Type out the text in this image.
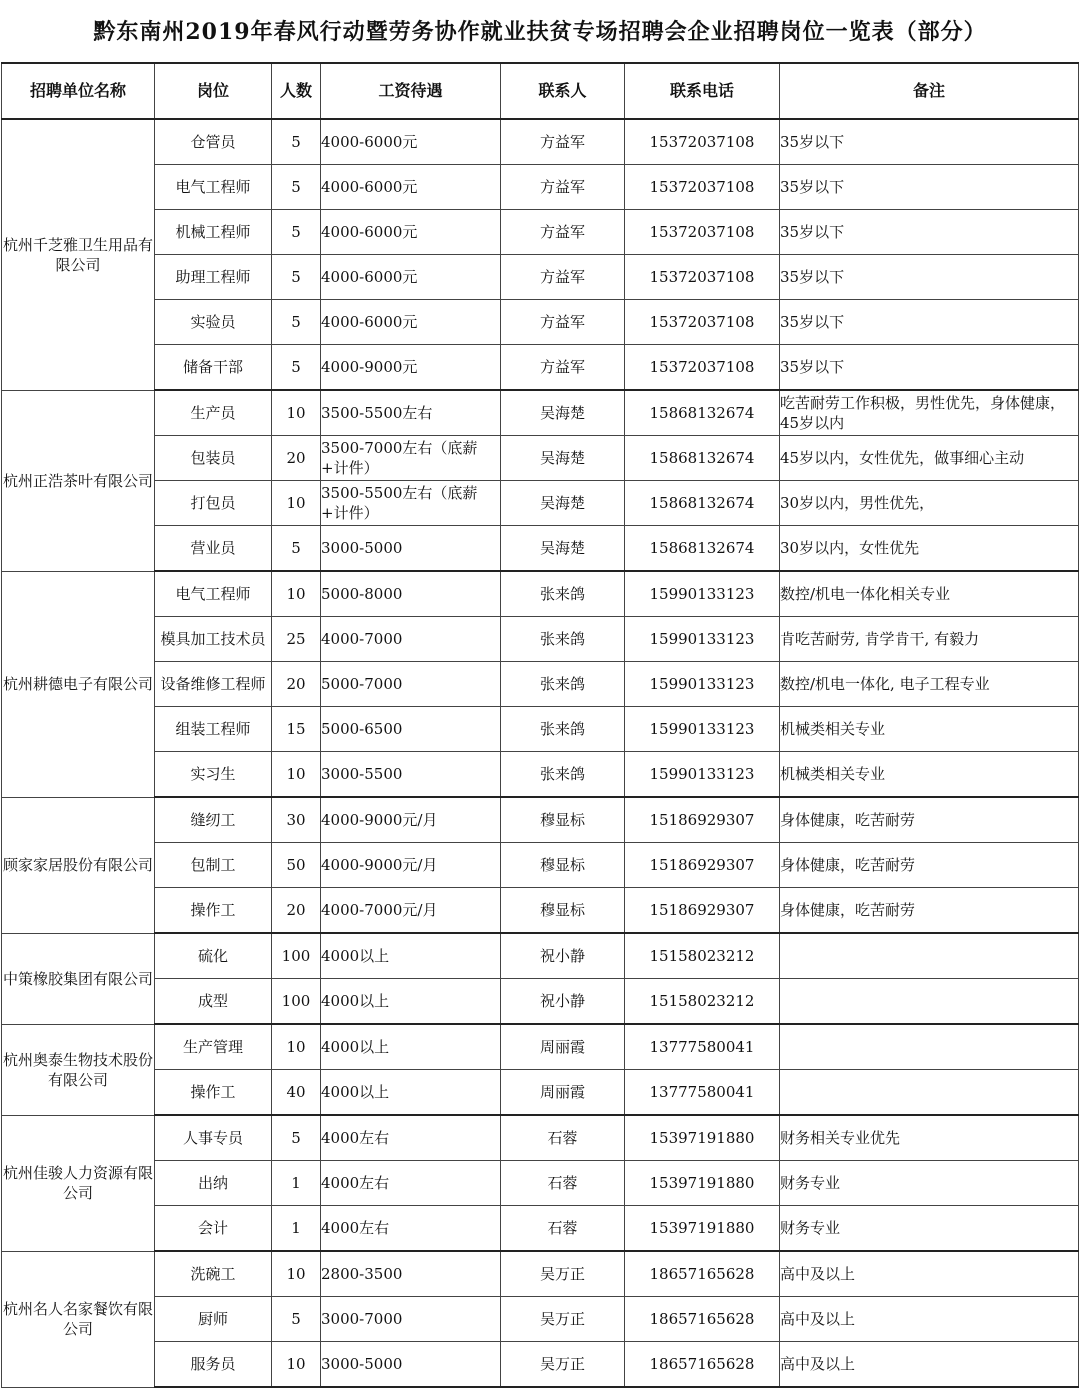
黔东南州2019年春风行动暨劳务协作就业扶贫专场招聘会企业招聘岗位一览表（部分）
招聘单位名称	岗位	人数	工资待遇	联系人	联系电话	备注
杭州千芝雅卫生用品有限公司	仓管员	5	4000-6000元	方益军	15372037108	35岁以下
	电气工程师	5	4000-6000元	方益军	15372037108	35岁以下
	机械工程师	5	4000-6000元	方益军	15372037108	35岁以下
	助理工程师	5	4000-6000元	方益军	15372037108	35岁以下
	实验员	5	4000-6000元	方益军	15372037108	35岁以下
	储备干部	5	4000-9000元	方益军	15372037108	35岁以下
杭州正浩茶叶有限公司	生产员	10	3500-5500左右	吴海楚	15868132674	吃苦耐劳工作积极，男性优先，身体健康，45岁以内
	包装员	20	3500-7000左右（底薪+计件）	吴海楚	15868132674	45岁以内，女性优先，做事细心主动
	打包员	10	3500-5500左右（底薪+计件）	吴海楚	15868132674	30岁以内，男性优先，
	营业员	5	3000-5000	吴海楚	15868132674	30岁以内，女性优先
杭州耕德电子有限公司	电气工程师	10	5000-8000	张来鸽	15990133123	数控/机电一体化相关专业
	模具加工技术员	25	4000-7000	张来鸽	15990133123	肯吃苦耐劳, 肯学肯干, 有毅力
	设备维修工程师	20	5000-7000	张来鸽	15990133123	数控/机电一体化, 电子工程专业
	组装工程师	15	5000-6500	张来鸽	15990133123	机械类相关专业
	实习生	10	3000-5500	张来鸽	15990133123	机械类相关专业
顾家家居股份有限公司	缝纫工	30	4000-9000元/月	穆显标	15186929307	身体健康，吃苦耐劳
	包制工	50	4000-9000元/月	穆显标	15186929307	身体健康，吃苦耐劳
	操作工	20	4000-7000元/月	穆显标	15186929307	身体健康，吃苦耐劳
中策橡胶集团有限公司	硫化	100	4000以上	祝小静	15158023212	
	成型	100	4000以上	祝小静	15158023212	
杭州奥泰生物技术股份有限公司	生产管理	10	4000以上	周丽霞	13777580041	
	操作工	40	4000以上	周丽霞	13777580041	
杭州佳骏人力资源有限公司	人事专员	5	4000左右	石蓉	15397191880	财务相关专业优先
	出纳	1	4000左右	石蓉	15397191880	财务专业
	会计	1	4000左右	石蓉	15397191880	财务专业
杭州名人名家餐饮有限公司	洗碗工	10	2800-3500	吴万正	18657165628	高中及以上
	厨师	5	3000-7000	吴万正	18657165628	高中及以上
	服务员	10	3000-5000	吴万正	18657165628	高中及以上
